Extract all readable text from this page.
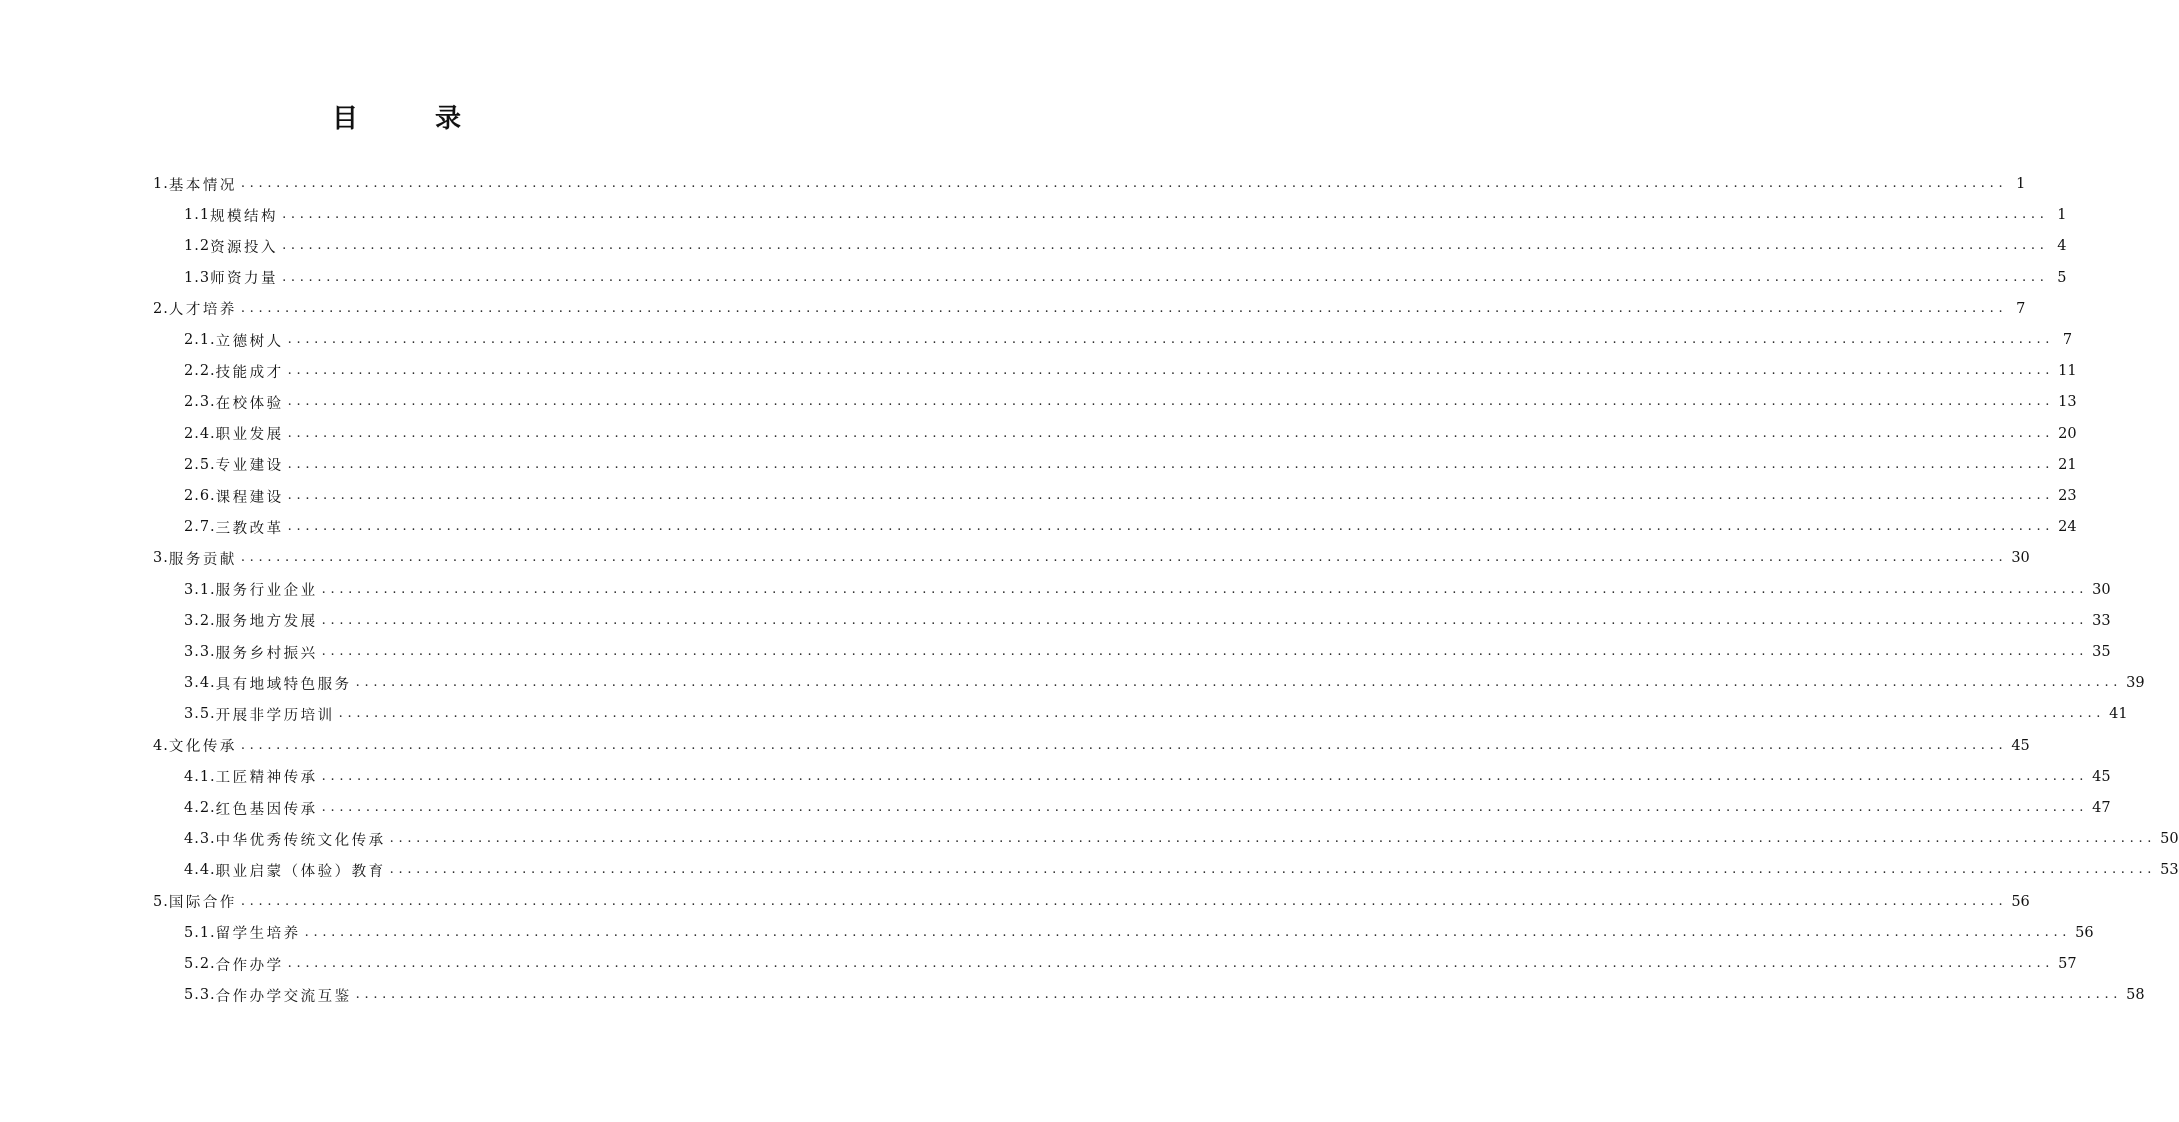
目 录
1. 基本情况 ........................................................................................................................................................................................................ 1
1.1 规模结构 ........................................................................................................................................................................................................ 1
1.2 资源投入 ........................................................................................................................................................................................................ 4
1.3 师资力量 ........................................................................................................................................................................................................ 5
2. 人才培养 ........................................................................................................................................................................................................ 7
2.1. 立德树人 ........................................................................................................................................................................................................ 7
2.2. 技能成才 ........................................................................................................................................................................................................ 11
2.3. 在校体验 ........................................................................................................................................................................................................ 13
2.4. 职业发展 ........................................................................................................................................................................................................ 20
2.5. 专业建设 ........................................................................................................................................................................................................ 21
2.6. 课程建设 ........................................................................................................................................................................................................ 23
2.7. 三教改革 ........................................................................................................................................................................................................ 24
3. 服务贡献 ........................................................................................................................................................................................................ 30
3.1. 服务行业企业 ........................................................................................................................................................................................................ 30
3.2. 服务地方发展 ........................................................................................................................................................................................................ 33
3.3. 服务乡村振兴 ........................................................................................................................................................................................................ 35
3.4. 具有地域特色服务 ........................................................................................................................................................................................................ 39
3.5. 开展非学历培训 ........................................................................................................................................................................................................ 41
4. 文化传承 ........................................................................................................................................................................................................ 45
4.1. 工匠精神传承 ........................................................................................................................................................................................................ 45
4.2. 红色基因传承 ........................................................................................................................................................................................................ 47
4.3. 中华优秀传统文化传承 ........................................................................................................................................................................................................ 50
4.4. 职业启蒙（体验）教育 ........................................................................................................................................................................................................ 53
5. 国际合作 ........................................................................................................................................................................................................ 56
5.1. 留学生培养 ........................................................................................................................................................................................................ 56
5.2. 合作办学 ........................................................................................................................................................................................................ 57
5.3. 合作办学交流互鉴 ........................................................................................................................................................................................................ 58
